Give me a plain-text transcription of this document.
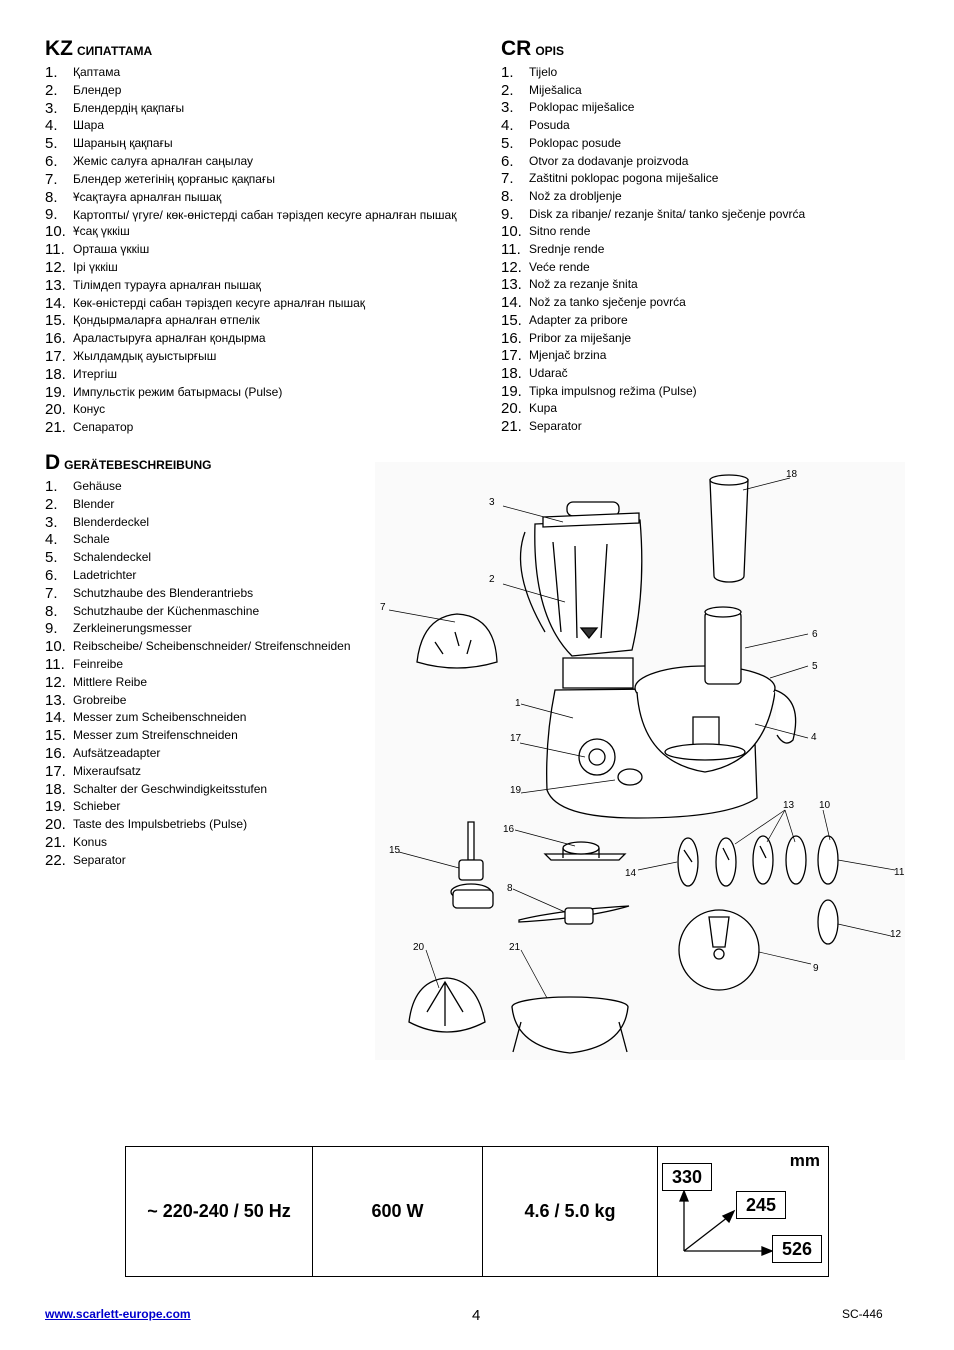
KZ СИПАТТАМА
1.	Қаптама
2.	Блендер
3.	Блендердің қақпағы
4.	Шара
5.	Шараның қақпағы
6.	Жеміс салуға арналған саңылау
7.	Блендер жетегінің қорғаныс қақпағы
8.	Ұсақтауға арналған пышақ
9.	Картопты/ үгуге/ көк-өністерді сабан тәріздеп кесуге арналған пышақ
10. Ұсақ үккіш
11. Орташа үккіш
12. Ірі үккіш
13. Тілімдеп турауға арналған пышақ
14. Көк-өністерді сабан тәріздеп кесуге арналған пышақ
15. Қондырмаларға арналған өтпелік
16. Араластыруға арналған қондырма
17. Жылдамдық ауыстырғыш
18. Итергіш
19. Импульстік режим батырмасы (Pulse)
20. Конус
21. Сепаратор
CR OPIS
1.	Tijelo
2.	Miješalica
3.	Poklopac miješalice
4.	Posuda
5.	Poklopac posude
6.	Otvor za dodavanje proizvoda
7.	Zaštitni poklopac pogona miješalice
8.	Nož za drobljenje
9.	Disk za ribanje/ rezanje šnita/ tanko sječenje povrća
10. Sitno rende
11. Srednje rende
12. Veće rende
13. Nož za rezanje šnita
14. Nož za tanko sječenje povrća
15. Adapter za pribore
16. Pribor za miješanje
17. Mjenjač brzina
18. Udarač
19. Tipka impulsnog režima (Pulse)
20. Kupa
21. Separator
DGERÄTEBESCHREIBUNG
1.	Gehäuse
2.	Blender
3.	Blenderdeckel
4.	Schale
5.	Schalendeckel
6.	Ladetrichter
7.	Schutzhaube des Blenderantriebs
8.	Schutzhaube der Küchenmaschine
9.	Zerkleinerungsmesser
10. Reibscheibe/ Scheibenschneider/ Streifenschneiden
11. Feinreibe
12. Mittlere Reibe
13. Grobreibe
14. Messer zum Scheibenschneiden
15. Messer zum Streifenschneiden
16. Aufsätzeadapter
17. Mixeraufsatz
18. Schalter der Geschwindigkeitsstufen
19. Schieber
20. Taste des Impulsbetriebs (Pulse)
21. Konus
22. Separator
1
2
3
4
5
6
7
8
9
10
11
12
13
14
15
16
17
18
19
20	21
~ 220-240 / 50 Hz	600 W	4.6 / 5.0 kg	
mm
330
245
526
www.scarlett-europe.com	4	SC-446
